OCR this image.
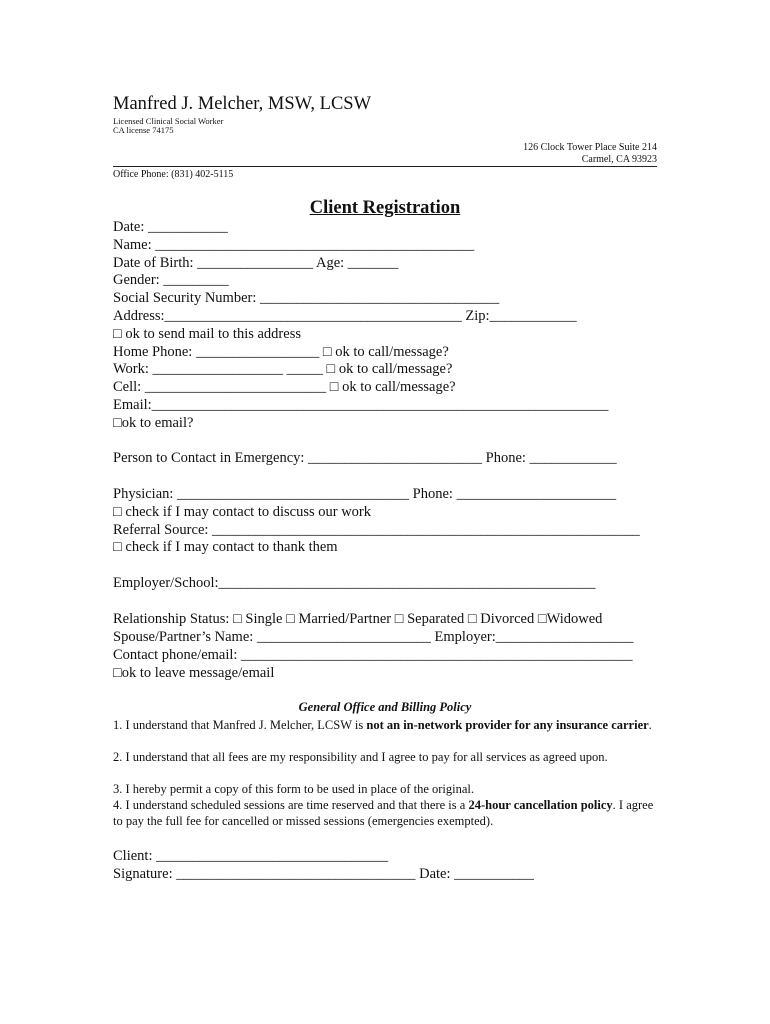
Manfred J. Melcher, MSW, LCSW
Licensed Clinical Social Worker
CA license 74175
126 Clock Tower Place Suite 214
Carmel, CA 93923
Office Phone: (831) 402-5115
Client Registration
Date: ___________
Name: ____________________________________________
Date of Birth: ________________ Age: _______
Gender: _________
Social Security Number: _________________________________
Address:_________________________________________ Zip:____________
□ ok to send mail to this address
Home Phone: _________________ □ ok to call/message?
Work: __________________ _____ □ ok to call/message?
Cell: _________________________ □ ok to call/message?
Email:_______________________________________________________________
□ok to email?
Person to Contact in Emergency: ________________________ Phone: ____________
Physician: ________________________________ Phone: ______________________
□ check if I may contact to discuss our work
Referral Source: ___________________________________________________________
□ check if I may contact to thank them
Employer/School:____________________________________________________
Relationship Status: □ Single □ Married/Partner □ Separated □ Divorced □Widowed
Spouse/Partner’s Name: ________________________ Employer:___________________
Contact phone/email: ______________________________________________________
□ok to leave message/email
General Office and Billing Policy
1. I understand that Manfred J. Melcher, LCSW is not an in-network provider for any insurance carrier.
2. I understand that all fees are my responsibility and I agree to pay for all services as agreed upon.
3. I hereby permit a copy of this form to be used in place of the original.
4. I understand scheduled sessions are time reserved and that there is a 24-hour cancellation policy. I agree to pay the full fee for cancelled or missed sessions (emergencies exempted).
Client: ________________________________
Signature: _________________________________ Date: ___________
